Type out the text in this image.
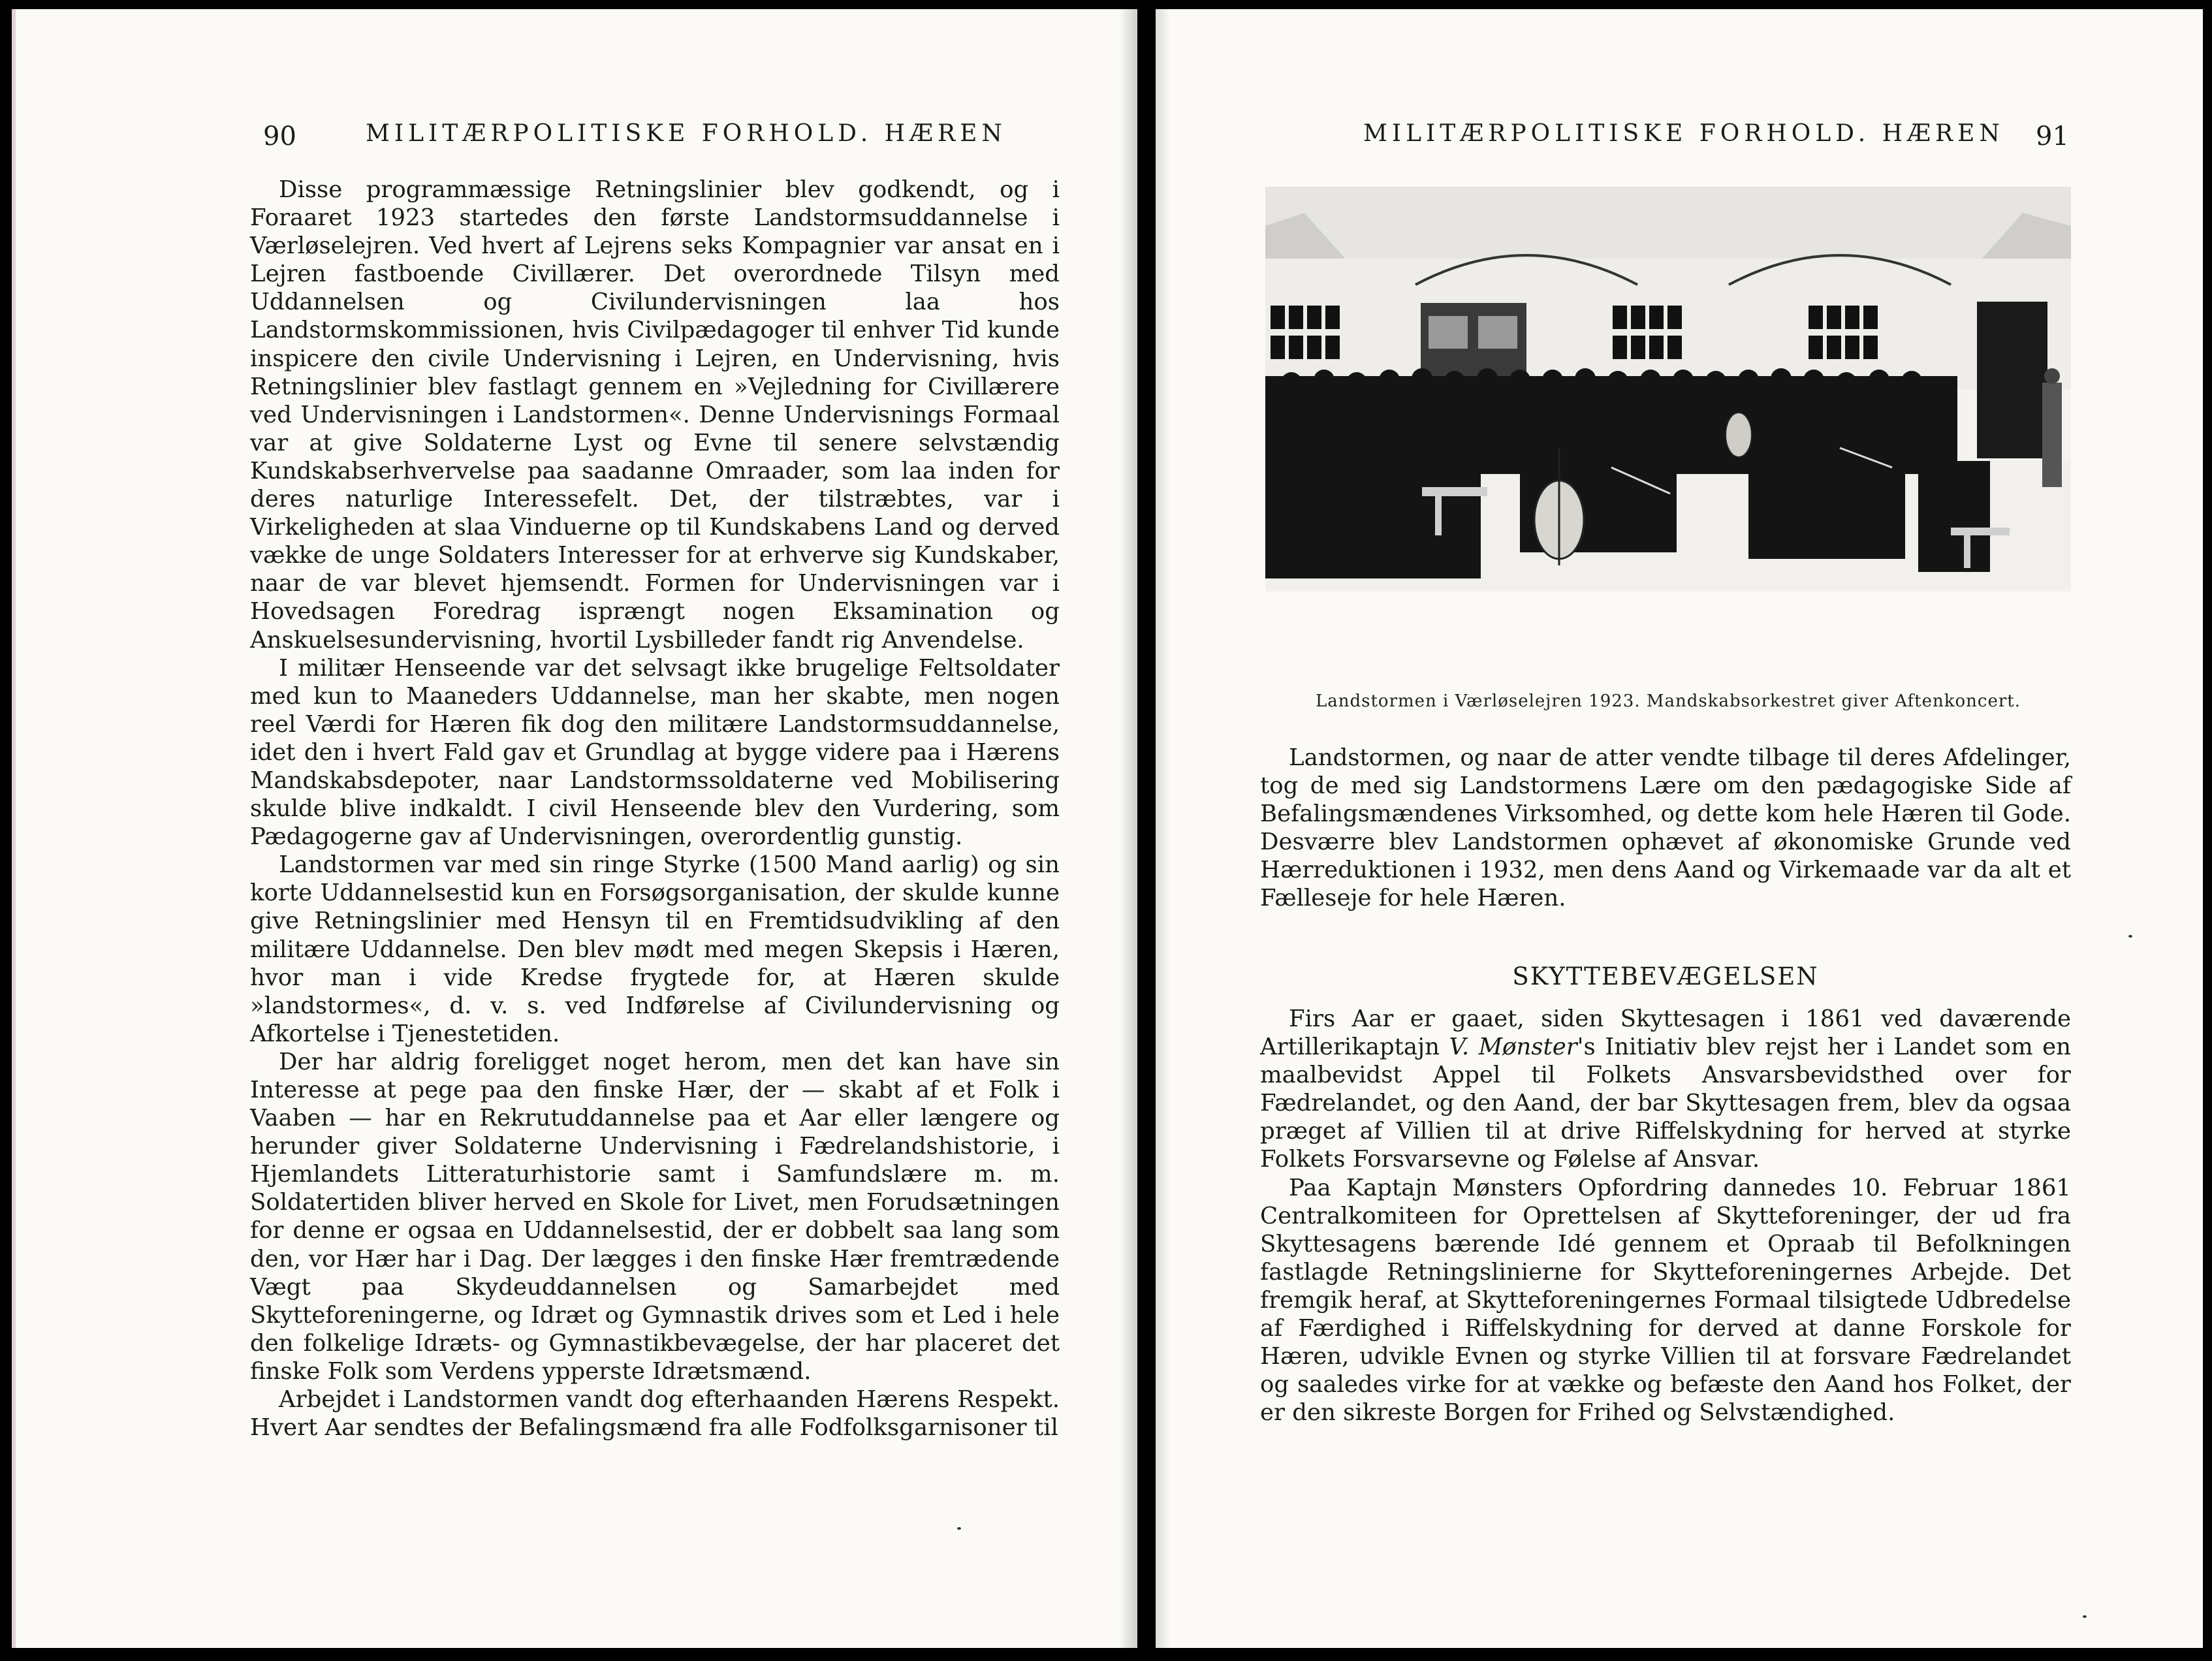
90	MILITÆRPOLITISKE FORHOLD. HÆREN

Disse programmæssige Retningslinier blev godkendt, og i Foraaret 1923 startedes den første Landstormsuddannelse i Værløselejren. Ved hvert af Lejrens seks Kompagnier var ansat en i Lejren fastboende Civillærer. Det overordnede Tilsyn med Uddannelsen og Civilundervisningen laa hos Landstormskommissionen, hvis Civilpædagoger til enhver Tid kunde inspicere den civile Undervisning i Lejren, en Undervisning, hvis Retningslinier blev fastlagt gennem en »Vejledning for Civillærere ved Undervisningen i Landstormen«. Denne Undervisnings Formaal var at give Soldaterne Lyst og Evne til senere selvstændig Kundskabserhvervelse paa saadanne Omraader, som laa inden for deres naturlige Interessefelt. Det, der tilstræbtes, var i Virkeligheden at slaa Vinduerne op til Kundskabens Land og derved vække de unge Soldaters Interesser for at erhverve sig Kundskaber, naar de var blevet hjemsendt. Formen for Undervisningen var i Hovedsagen Foredrag isprængt nogen Eksamination og Anskuelsesundervisning, hvortil Lysbilleder fandt rig Anvendelse.

I militær Henseende var det selvsagt ikke brugelige Feltsoldater med kun to Maaneders Uddannelse, man her skabte, men nogen reel Værdi for Hæren fik dog den militære Landstormsuddannelse, idet den i hvert Fald gav et Grundlag at bygge videre paa i Hærens Mandskabsdepoter, naar Landstormssoldaterne ved Mobilisering skulde blive indkaldt. I civil Henseende blev den Vurdering, som Pædagogerne gav af Undervisningen, overordentlig gunstig.

Landstormen var med sin ringe Styrke (1500 Mand aarlig) og sin korte Uddannelsestid kun en Forsøgsorganisation, der skulde kunne give Retningslinier med Hensyn til en Fremtidsudvikling af den militære Uddannelse. Den blev mødt med megen Skepsis i Hæren, hvor man i vide Kredse frygtede for, at Hæren skulde »landstormes«, d. v. s. ved Indførelse af Civilundervisning og Afkortelse i Tjenestetiden.

Der har aldrig foreligget noget herom, men det kan have sin Interesse at pege paa den finske Hær, der — skabt af et Folk i Vaaben — har en Rekrutuddannelse paa et Aar eller længere og herunder giver Soldaterne Undervisning i Fædrelandshistorie, i Hjemlandets Litteraturhistorie samt i Samfundslære m. m. Soldatertiden bliver herved en Skole for Livet, men Forudsætningen for denne er ogsaa en Uddannelsestid, der er dobbelt saa lang som den, vor Hær har i Dag. Der lægges i den finske Hær fremtrædende Vægt paa Skydeuddannelsen og Samarbejdet med Skytteforeningerne, og Idræt og Gymnastik drives som et Led i hele den folkelige Idræts- og Gymnastikbevægelse, der har placeret det finske Folk som Verdens ypperste Idrætsmænd.

Arbejdet i Landstormen vandt dog efterhaanden Hærens Respekt. Hvert Aar sendtes der Befalingsmænd fra alle Fodfolksgarnisoner til

MILITÆRPOLITISKE FORHOLD. HÆREN 91
Landstormen i Værløselejren 1923. Mandskabsorkestret giver Aftenkoncert.

Landstormen, og naar de atter vendte tilbage til deres Afdelinger, tog de med sig Landstormens Lære om den pædagogiske Side af Befalingsmændenes Virksomhed, og dette kom hele Hæren til Gode. Desværre blev Landstormen ophævet af økonomiske Grunde ved Hærreduktionen i 1932, men dens Aand og Virkemaade var da alt et Fælleseje for hele Hæren.

SKYTTEBEVÆGELSEN

Firs Aar er gaaet, siden Skyttesagen i 1861 ved daværende Artillerikaptajn V. Mønster's Initiativ blev rejst her i Landet som en maalbevidst Appel til Folkets Ansvarsbevidsthed over for Fædrelandet, og den Aand, der bar Skyttesagen frem, blev da ogsaa præget af Villien til at drive Riffelskydning for herved at styrke Folkets Forsvarsevne og Følelse af Ansvar.

Paa Kaptajn Mønsters Opfordring dannedes 10. Februar 1861 Centralkomiteen for Oprettelsen af Skytteforeninger, der ud fra Skyttesagens bærende Idé gennem et Opraab til Befolkningen fastlagde Retningslinierne for Skytteforeningernes Arbejde. Det fremgik heraf, at Skytteforeningernes Formaal tilsigtede Udbredelse af Færdighed i Riffelskydning for derved at danne Forskole for Hæren, udvikle Evnen og styrke Villien til at forsvare Fædrelandet og saaledes virke for at vække og befæste den Aand hos Folket, der er den sikreste Borgen for Frihed og Selvstændighed.
